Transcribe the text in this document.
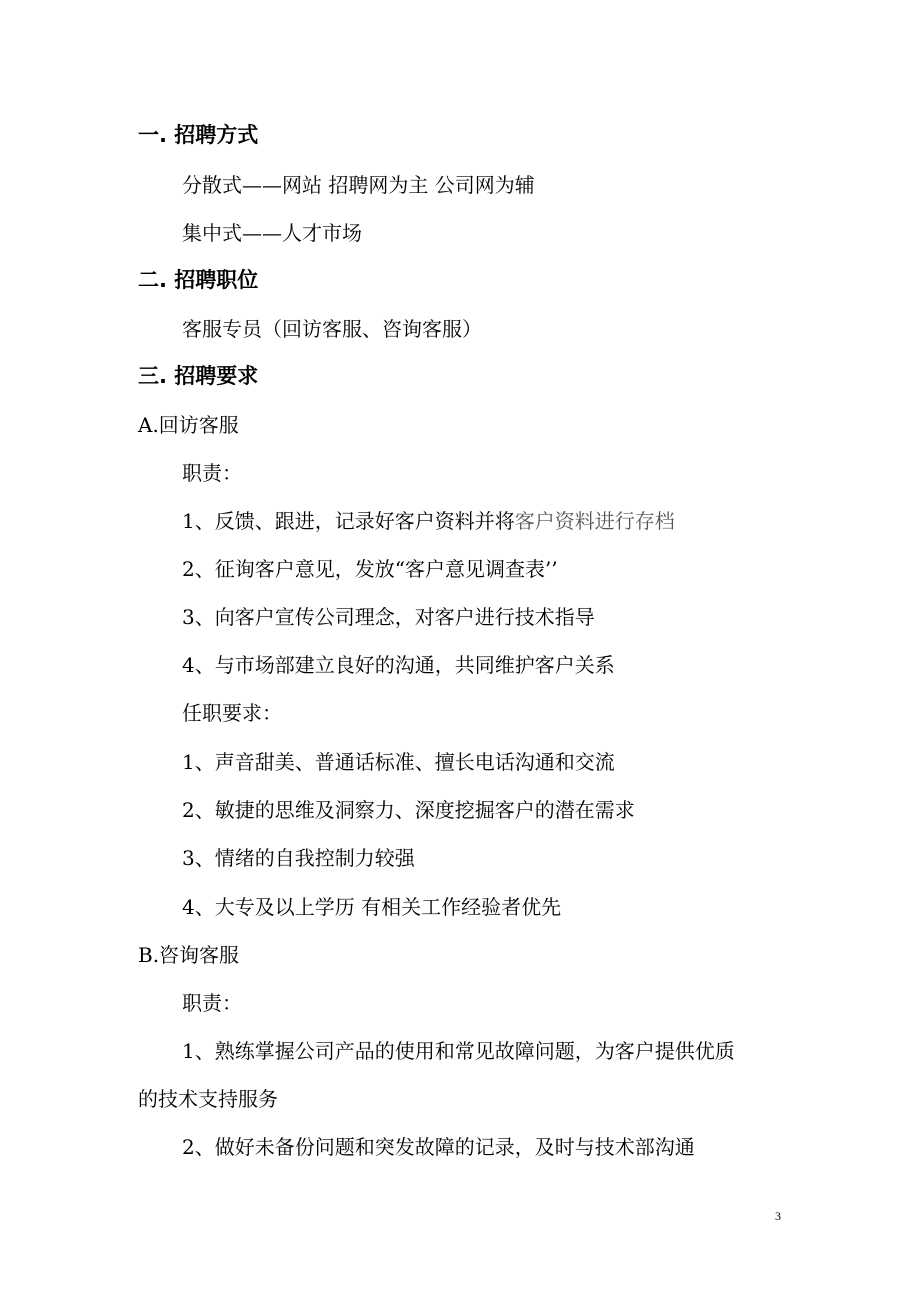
一. 招聘方式
分散式——网站 招聘网为主 公司网为辅
集中式——人才市场
二. 招聘职位
客服专员（回访客服、咨询客服）
三. 招聘要求
A.回访客服
职责：
1、反馈、跟进，记录好客户资料并将客户资料进行存档
2、征询客户意见，发放“客户意见调查表’’
3、向客户宣传公司理念，对客户进行技术指导
4、与市场部建立良好的沟通，共同维护客户关系
任职要求：
1、声音甜美、普通话标准、擅长电话沟通和交流
2、敏捷的思维及洞察力、深度挖掘客户的潜在需求
3、情绪的自我控制力较强
4、大专及以上学历 有相关工作经验者优先
B.咨询客服
职责：
1、熟练掌握公司产品的使用和常见故障问题，为客户提供优质
的技术支持服务
2、做好未备份问题和突发故障的记录，及时与技术部沟通
3
